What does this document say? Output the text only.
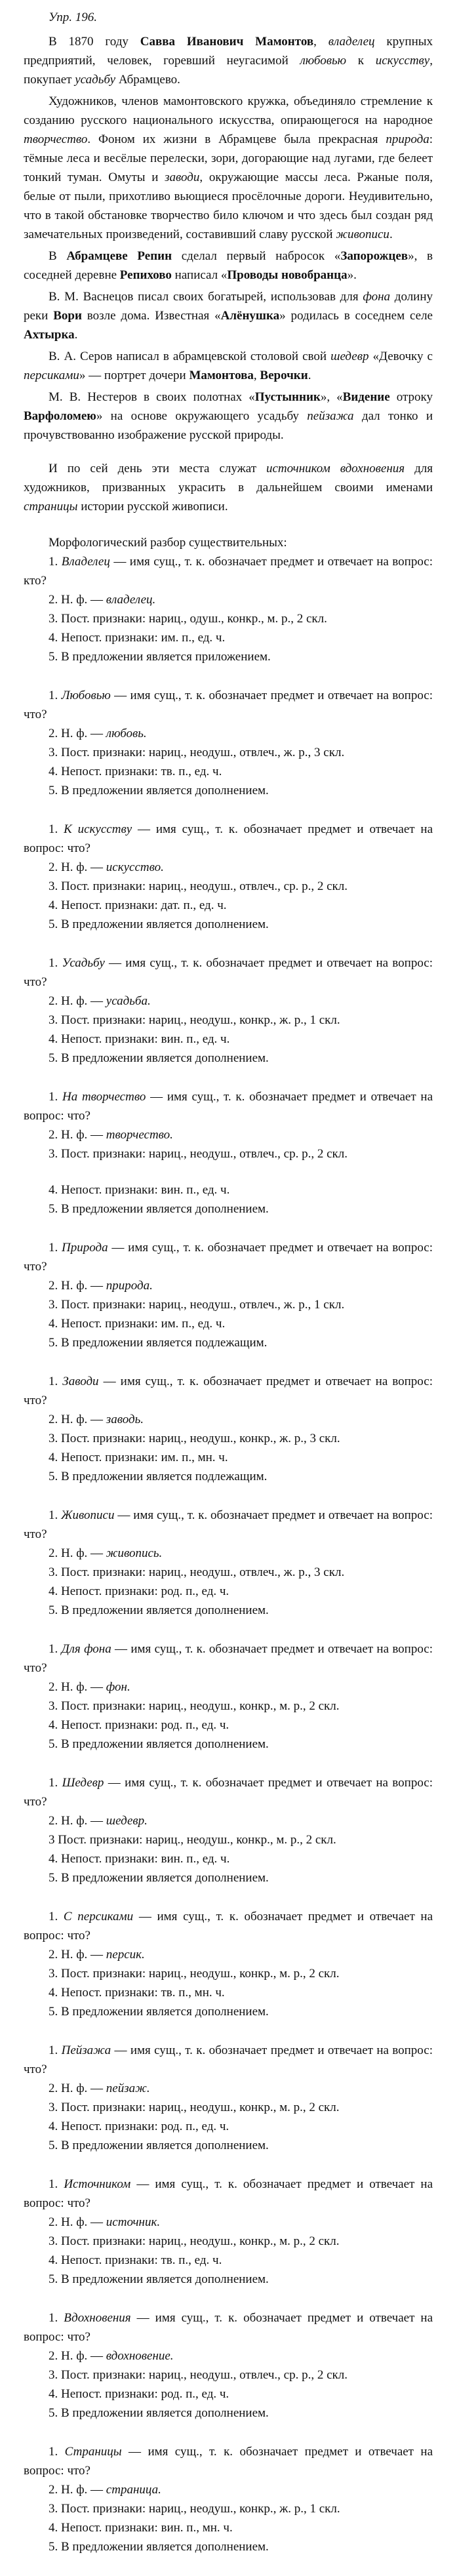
Упр. 196.

В 1870 году Савва Иванович Мамонтов, владелец крупных предприятий, человек, горевший неугасимой любовью к искусству, покупает усадьбу Абрамцево.

Художников, членов мамонтовского кружка, объединяло стремление к созданию русского национального искусства, опирающегося на народное творчество. Фоном их жизни в Абрамцеве была прекрасная природа: тёмные леса и весёлые перелески, зори, догорающие над лугами, где белеет тонкий туман. Омуты и заводи, окружающие массы леса. Ржаные поля, белые от пыли, прихотливо вьющиеся просёлочные дороги. Неудивительно, что в такой обстановке творчество било ключом и что здесь был создан ряд замечательных произведений, составивший славу русской живописи.

В Абрамцеве Репин сделал первый набросок «Запорожцев», в соседней деревне Репихово написал «Проводы новобранца».

В. М. Васнецов писал своих богатырей, использовав для фона долину реки Вори возле дома. Известная «Алёнушка» родилась в соседнем селе Ахтырка.

В. А. Серов написал в абрамцевской столовой свой шедевр «Девочку с персиками» — портрет дочери Мамонтова, Верочки.

М. В. Нестеров в своих полотнах «Пустынник», «Видение отроку Варфоломею» на основе окружающего усадьбу пейзажа дал тонко и прочувствованно изображение русской природы.

И по сей день эти места служат источником вдохновения для художников, призванных украсить в дальнейшем своими именами страницы истории русской живописи.

Морфологический разбор существительных:

1. Владелец — имя сущ., т. к. обозначает предмет и отвечает на вопрос: кто?

2. Н. ф. — владелец.

3. Пост. признаки: нариц., одуш., конкр., м. р., 2 скл.

4. Непост. признаки: им. п., ед. ч.

5. В предложении является приложением.

1. Любовью — имя сущ., т. к. обозначает предмет и отвечает на вопрос: что?

2. Н. ф. — любовь.

3. Пост. признаки: нариц., неодуш., отвлеч., ж. р., 3 скл.

4. Непост. признаки: тв. п., ед. ч.

5. В предложении является дополнением.

1. К искусству — имя сущ., т. к. обозначает предмет и отвечает на вопрос: что?

2. Н. ф. — искусство.

3. Пост. признаки: нариц., неодуш., отвлеч., ср. р., 2 скл.

4. Непост. признаки: дат. п., ед. ч.

5. В предложении является дополнением.

1. Усадьбу — имя сущ., т. к. обозначает предмет и отвечает на вопрос: что?

2. Н. ф. — усадьба.

3. Пост. признаки: нариц., неодуш., конкр., ж. р., 1 скл.

4. Непост. признаки: вин. п., ед. ч.

5. В предложении является дополнением.

1. На творчество — имя сущ., т. к. обозначает предмет и отвечает на вопрос: что?

2. Н. ф. — творчество.

3. Пост. признаки: нариц., неодуш., отвлеч., ср. р., 2 скл.

4. Непост. признаки: вин. п., ед. ч.

5. В предложении является дополнением.

1. Природа — имя сущ., т. к. обозначает предмет и отвечает на вопрос: что?

2. Н. ф. — природа.

3. Пост. признаки: нариц., неодуш., отвлеч., ж. р., 1 скл.

4. Непост. признаки: им. п., ед. ч.

5. В предложении является подлежащим.

1. Заводи — имя сущ., т. к. обозначает предмет и отвечает на вопрос: что?

2. Н. ф. — заводь.

3. Пост. признаки: нариц., неодуш., конкр., ж. р., 3 скл.

4. Непост. признаки: им. п., мн. ч.

5. В предложении является подлежащим.

1. Живописи — имя сущ., т. к. обозначает предмет и отвечает на вопрос: что?

2. Н. ф. — живопись.

3. Пост. признаки: нариц., неодуш., отвлеч., ж. р., 3 скл.

4. Непост. признаки: род. п., ед. ч.

5. В предложении является дополнением.

1. Для фона — имя сущ., т. к. обозначает предмет и отвечает на вопрос: что?

2. Н. ф. — фон.

3. Пост. признаки: нариц., неодуш., конкр., м. р., 2 скл.

4. Непост. признаки: род. п., ед. ч.

5. В предложении является дополнением.

1. Шедевр — имя сущ., т. к. обозначает предмет и отвечает на вопрос: что?

2. Н. ф. — шедевр.

3 Пост. признаки: нариц., неодуш., конкр., м. р., 2 скл.

4. Непост. признаки: вин. п., ед. ч.

5. В предложении является дополнением.

1. С персиками — имя сущ., т. к. обозначает предмет и отвечает на вопрос: что?

2. Н. ф. — персик.

3. Пост. признаки: нариц., неодуш., конкр., м. р., 2 скл.

4. Непост. признаки: тв. п., мн. ч.

5. В предложении является дополнением.

1. Пейзажа — имя сущ., т. к. обозначает предмет и отвечает на вопрос: что?

2. Н. ф. — пейзаж.

3. Пост. признаки: нариц., неодуш., конкр., м. р., 2 скл.

4. Непост. признаки: род. п., ед. ч.

5. В предложении является дополнением.

1. Источником — имя сущ., т. к. обозначает предмет и отвечает на вопрос: что?

2. Н. ф. — источник.

3. Пост. признаки: нариц., неодуш., конкр., м. р., 2 скл.

4. Непост. признаки: тв. п., ед. ч.

5. В предложении является дополнением.

1. Вдохновения — имя сущ., т. к. обозначает предмет и отвечает на вопрос: что?

2. Н. ф. — вдохновение.

3. Пост. признаки: нариц., неодуш., отвлеч., ср. р., 2 скл.

4. Непост. признаки: род. п., ед. ч.

5. В предложении является дополнением.

1. Страницы — имя сущ., т. к. обозначает предмет и отвечает на вопрос: что?

2. Н. ф. — страница.

3. Пост. признаки: нариц., неодуш., конкр., ж. р., 1 скл.

4. Непост. признаки: вин. п., мн. ч.

5. В предложении является дополнением.
